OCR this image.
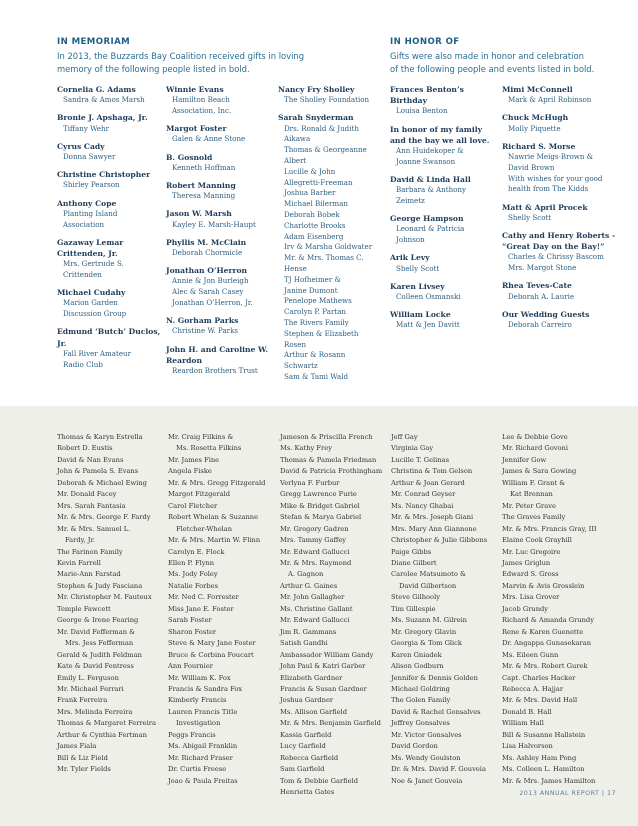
IN MEMORIAM
In 2013, the Buzzards Bay Coalition received gifts in loving
memory of the following people listed in bold.
IN HONOR OF
Gifts were also made in honor and celebration
of the following people and events listed in bold.
Cornelia G. Adams
Sandra & Amos Marsh
Bronie J. Apshaga, Jr.
Tiffany Wehr
Cyrus Cady
Donna Sawyer
Christine Christopher
Shirley Pearson
Anthony Cope
Planting Island
Association
Gazaway Lemar Crittenden, Jr.
Mrs. Gertrude S.
Crittenden
Michael Cudahy
Marion Garden
Discussion Group
Edmund ‘Butch’ Duclos, Jr.
Fall River Amateur
Radio Club
Winnie Evans
Hamilton Beach
Association, Inc.
Margot Foster
Galen & Anne Stone
B. Gosnold
Kenneth Hoffman
Robert Manning
Theresa Manning
Jason W. Marsh
Kayley E. Marsh-Haupt
Phyllis M. McClain
Deborah Chormicle
Jonathan O’Herron
Annie & Jon Burleigh
Alec & Sarah Casey
Jonathan O’Herron, Jr.
N. Gorham Parks
Christine W. Parks
John H. and Caroline W. Reardon
Reardon Brothers Trust
Nancy Fry Sholley
The Sholley Foundation
Sarah Snyderman
Drs. Ronald & Judith
Aikawa
Thomas & Georgeanne
Albert
Lucille & John
Allegretti-Freeman
Joshua Barber
Michael Bilerman
Deborah Bobek
Charlotte Brooks
Adam Eisenberg
Irv & Marsha Goldwater
Mr. & Mrs. Thomas C.
Hense
TJ Hofheimer &
Janine Dumont
Penelope Mathews
Carolyn P. Partan
The Rivers Family
Stephen & Elizabeth
Rosen
Arthur & Rosann
Schwartz
Sam & Tami Wald
Frances Benton’s Birthday
Louisa Benton
In honor of my family and the bay we all love.
Ann Huidekoper &
Joanne Swanson
David & Linda Hall
Barbara & Anthony
Zeimetz
George Hampson
Leonard & Patricia
Johnson
Arik Levy
Shelly Scott
Karen Livsey
Colleen Osmanski
William Locke
Matt & Jen Davitt
Mimi McConnell
Mark & April Robinson
Chuck McHugh
Molly Piquette
Richard S. Morse
Nawrie Meigs-Brown &
David Brown
With wishes for your good
health from The Kidds
Matt & April Procek
Shelly Scott
Cathy and Henry Roberts - “Great Day on the Bay!”
Charles & Chrissy Bascom
Mrs. Margot Stone
Rhea Teves-Cate
Deborah A. Laurie
Our Wedding Guests
Deborah Carreiro
Thomas & Karyn Estrella
Robert D. Eustis
David & Nan Evans
John & Pamela S. Evans
Deborah & Michael Ewing
Mr. Donald Facey
Mrs. Sarah Fantasia
Mr. & Mrs. George F. Fardy
Mr. & Mrs. Samuel L.
Fardy, Jr.
The Farinon Family
Kevin Farrell
Marie-Ann Farstad
Stephen & Judy Fasciana
Mr. Christopher M. Fauteux
Temple Fawcett
George & Irene Fearing
Mr. David Fefferman &
Mrs. Jess Fefferman
Gerald & Judith Feldman
Kate & David Fentress
Emily L. Ferguson
Mr. Michael Ferrari
Frank Ferreira
Mrs. Melinda Ferreira
Thomas & Margaret Ferreira
Arthur & Cynthia Fertman
James Fiala
Bill & Liz Field
Mr. Tyler Fields
Mr. Craig Filkins &
Ms. Rosetta Filkins
Mr. James Fine
Angela Fiske
Mr. & Mrs. Gregg Fitzgerald
Margot Fitzgerald
Carol Fletcher
Robert Whelan & Suzanne
Fletcher-Whelan
Mr. & Mrs. Martin W. Flinn
Carolyn E. Flock
Ellen P. Flynn
Ms. Jody Foley
Natalie Forbes
Mr. Ned C. Forrester
Miss Jane E. Foster
Sarah Foster
Sharon Foster
Steve & Mary Jane Foster
Bruce & Corbina Foucart
Ann Fournier
Mr. William K. Fox
Francis & Sandra Fox
Kimberly Francis
Lauren Francis Title
Investigation
Peggs Francis
Ms. Abigail Franklin
Mr. Richard Fraser
Dr. Curtis Freese
Joao & Paula Freitas
Jameson & Priscilla French
Ms. Kathy Frey
Thomas & Pamela Friedman
David & Patricia Frothingham
Verlyna F. Furbur
Gregg Lawrence Furie
Mike & Bridget Gabriel
Stefan & Marya Gabriel
Mr. Gregory Gadren
Mrs. Tammy Gaffey
Mr. Edward Gallucci
Mr. & Mrs. Raymond
A. Gagnon
Arthur G. Gaines
Mr. John Gallagher
Ms. Christine Gallant
Mr. Edward Gallucci
Jim R. Gammans
Satish Gandhi
Ambassador William Gandy
John Paul & Katri Garber
Elizabeth Gardner
Francis & Susan Gardner
Joshua Gardner
Ms. Allison Garfield
Mr. & Mrs. Benjamin Garfield
Kassia Garfield
Lucy Garfield
Rebecca Garfield
Sam Garfield
Tom & Debbie Garfield
Henrietta Gates
Jeff Gay
Virginia Gay
Lucille T. Gelinas
Christina & Tom Gelson
Arthur & Joan Gerard
Mr. Conrad Geyser
Ms. Nancy Ghabai
Mr. & Mrs. Joseph Giani
Mrs. Mary Ann Giannone
Christopher & Julie Gibbons
Paige Gibbs
Diane Gilbert
Carolee Matsumoto &
David Gilbertson
Steve Gilhooly
Tim Gillespie
Ms. Suzann M. Gilrein
Mr. Gregory Glavin
Georgia & Tom Glick
Karen Gniadek
Alison Godburn
Jennifer & Dennis Golden
Michael Goldring
The Golen Family
David & Rachel Gonsalves
Jeffrey Gonsalves
Mr. Victor Gonsalves
David Gordon
Ms. Wendy Goulston
Dr. & Mrs. David F. Gouveia
Noe & Janet Gouveia
Lee & Debbie Gove
Mr. Richard Govoni
Jennifer Gow
James & Sara Gowing
William F. Grant &
Kat Brennan
Mr. Peter Grave
The Graves Family
Mr. & Mrs. Francis Gray, III
Elaine Cook Grayhill
Mr. Luc Gregoire
James Griglun
Edward S. Gross
Marvin & Avis Grosslein
Mrs. Lisa Grover
Jacob Grundy
Richard & Amanda Grundy
Rene & Karen Guenette
Dr. Angappa Gunasekaran
Ms. Eileen Gunn
Mr. & Mrs. Robert Gurek
Capt. Charles Hacker
Rebecca A. Hajjar
Mr. & Mrs. David Hall
Donald B. Hall
William Hall
Bill & Susanne Hallstein
Lisa Halvorson
Ms. Ashley Ham Pong
Ms. Colleen L. Hamilton
Mr. & Mrs. James Hamilton
2013 ANNUAL REPORT | 17
